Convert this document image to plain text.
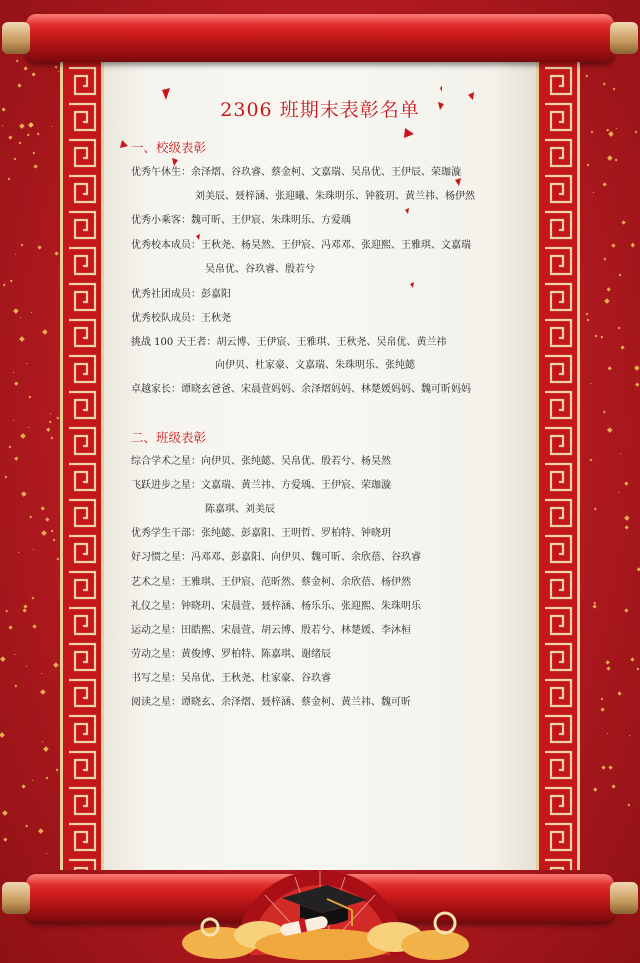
2306 班期末表彰名单
一、校级表彰
优秀午休生：余泽熠、谷玖睿、蔡金柯、文嘉瑞、吴帛优、王伊辰、荣珈漩
刘美辰、聂梓涵、张迎曦、朱珠明乐、钟筱玥、黄兰祎、杨伊然
优秀小乘客：魏可昕、王伊宸、朱珠明乐、方爱瑀
优秀校本成员：王秋尧、杨昊然、王伊宸、冯邓邓、张迎熙、王雅琪、文嘉瑞
吴帛优、谷玖睿、殷若兮
优秀社团成员：彭嘉阳
优秀校队成员：王秋尧
挑战 100 天王者：胡云博、王伊宸、王雅琪、王秋尧、吴帛优、黄兰祎
向伊贝、杜家豪、文嘉瑞、朱珠明乐、张纯懿
卓越家长：谭晓玄爸爸、宋晨萱妈妈、余泽熠妈妈、林楚媛妈妈、魏可昕妈妈
二、班级表彰
综合学术之星：向伊贝、张纯懿、吴帛优、殷若兮、杨昊然
飞跃进步之星：文嘉瑞、黄兰祎、方爱瑀、王伊宸、荣珈漩
陈嘉琪、刘美辰
优秀学生干部：张纯懿、彭嘉阳、王明哲、罗柏特、钟晓玥
好习惯之星：冯邓邓、彭嘉阳、向伊贝、魏可昕、余欣蓓、谷玖睿
艺术之星：王雅琪、王伊宸、范昕然、蔡金柯、余欣蓓、杨伊然
礼仪之星：钟晓玥、宋晨萱、聂梓涵、杨乐乐、张迎熙、朱珠明乐
运动之星：田皓熙、宋晨萱、胡云博、殷若兮、林楚媛、李沐桓
劳动之星：黄俊博、罗柏特、陈嘉琪、谢绪辰
书写之星：吴帛优、王秋尧、杜家豪、谷玖睿
阅读之星：谭晓玄、余泽熠、聂梓涵、蔡金柯、黄兰祎、魏可昕
